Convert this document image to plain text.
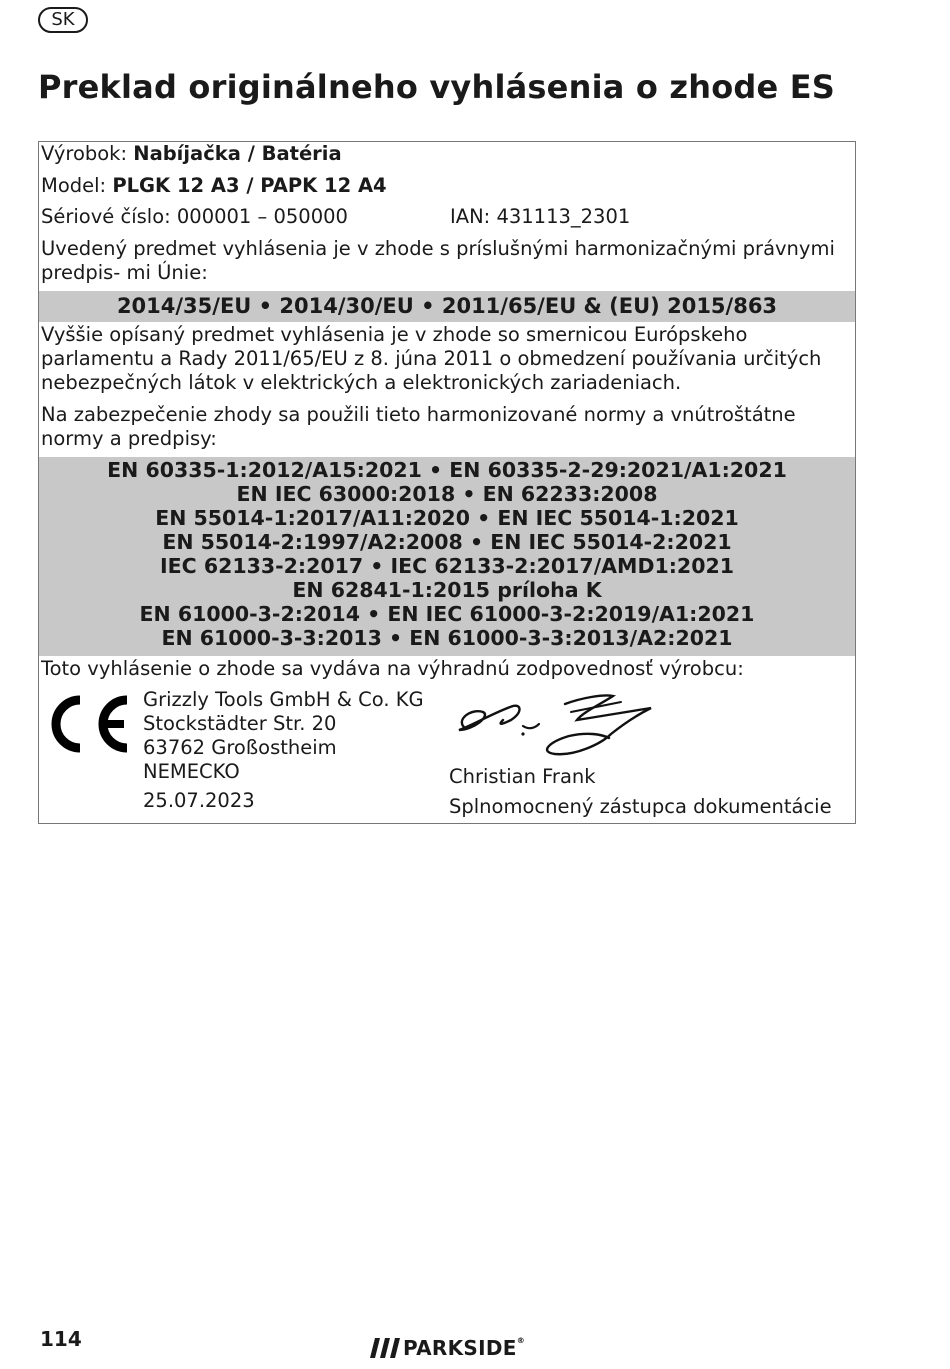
SK
Preklad originálneho vyhlásenia o zhode ES
Výrobok: Nabíjačka / Batéria
Model: PLGK 12 A3 / PAPK 12 A4
Sériové číslo: 000001 – 050000	IAN: 431113_2301
Uvedený predmet vyhlásenia je v zhode s príslušnými harmonizačnými právnymi predpis- mi Únie:
2014/35/EU • 2014/30/EU • 2011/65/EU & (EU) 2015/863
Vyššie opísaný predmet vyhlásenia je v zhode so smernicou Európskeho parlamentu a Rady 2011/65/EU z 8. júna 2011 o obmedzení používania určitých nebezpečných látok v elektrických a elektronických zariadeniach.
Na zabezpečenie zhody sa použili tieto harmonizované normy a vnútroštátne normy a predpisy:
EN 60335-1:2012/A15:2021 • EN 60335-2-29:2021/A1:2021
EN IEC 63000:2018 • EN 62233:2008
EN 55014-1:2017/A11:2020 • EN IEC 55014-1:2021
EN 55014-2:1997/A2:2008 • EN IEC 55014-2:2021
IEC 62133-2:2017 • IEC 62133-2:2017/AMD1:2021
EN 62841-1:2015 príloha K
EN 61000-3-2:2014 • EN IEC 61000-3-2:2019/A1:2021
EN 61000-3-3:2013 • EN 61000-3-3:2013/A2:2021
Toto vyhlásenie o zhode sa vydáva na výhradnú zodpovednosť výrobcu:
Grizzly Tools GmbH & Co. KG
Stockstädter Str. 20
63762 Großostheim
NEMECKO
25.07.2023
Christian Frank
Splnomocnený zástupca dokumentácie
114	PARKSIDE®
